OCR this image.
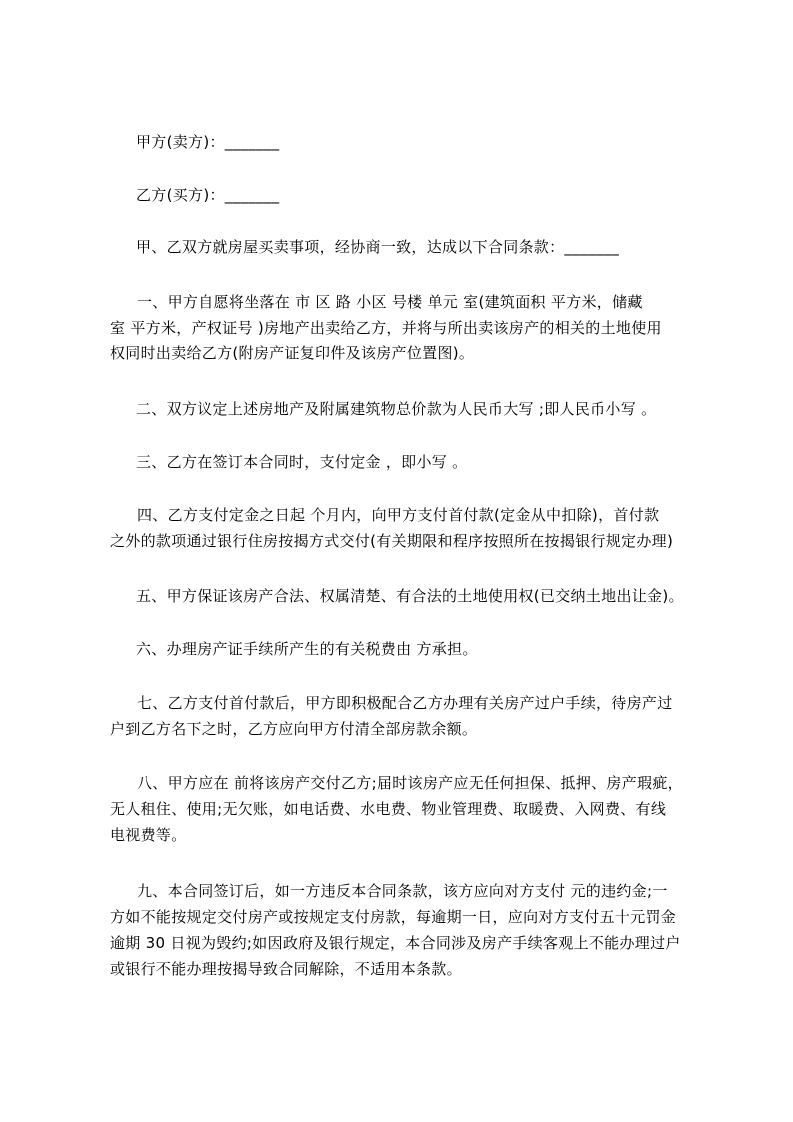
甲方(卖方)：_______
乙方(买方)：_______
甲、乙双方就房屋买卖事项，经协商一致，达成以下合同条款：_______
一、甲方自愿将坐落在 市 区 路 小区 号楼 单元 室(建筑面积 平方米，储藏
室 平方米，产权证号 )房地产出卖给乙方，并将与所出卖该房产的相关的土地使用
权同时出卖给乙方(附房产证复印件及该房产位置图)。
二、双方议定上述房地产及附属建筑物总价款为人民币大写 ;即人民币小写 。
三、乙方在签订本合同时，支付定金 ，即小写 。
四、乙方支付定金之日起 个月内，向甲方支付首付款(定金从中扣除)，首付款
之外的款项通过银行住房按揭方式交付(有关期限和程序按照所在按揭银行规定办理)
五、甲方保证该房产合法、权属清楚、有合法的土地使用权(已交纳土地出让金)。
六、办理房产证手续所产生的有关税费由 方承担。
七、乙方支付首付款后，甲方即积极配合乙方办理有关房产过户手续，待房产过
户到乙方名下之时，乙方应向甲方付清全部房款余额。
八、甲方应在 前将该房产交付乙方;届时该房产应无任何担保、抵押、房产瑕疵，
无人租住、使用;无欠账，如电话费、水电费、物业管理费、取暖费、入网费、有线
电视费等。
九、本合同签订后，如一方违反本合同条款，该方应向对方支付 元的违约金;一
方如不能按规定交付房产或按规定支付房款，每逾期一日，应向对方支付五十元罚金
逾期 30 日视为毁约;如因政府及银行规定，本合同涉及房产手续客观上不能办理过户
或银行不能办理按揭导致合同解除，不适用本条款。
